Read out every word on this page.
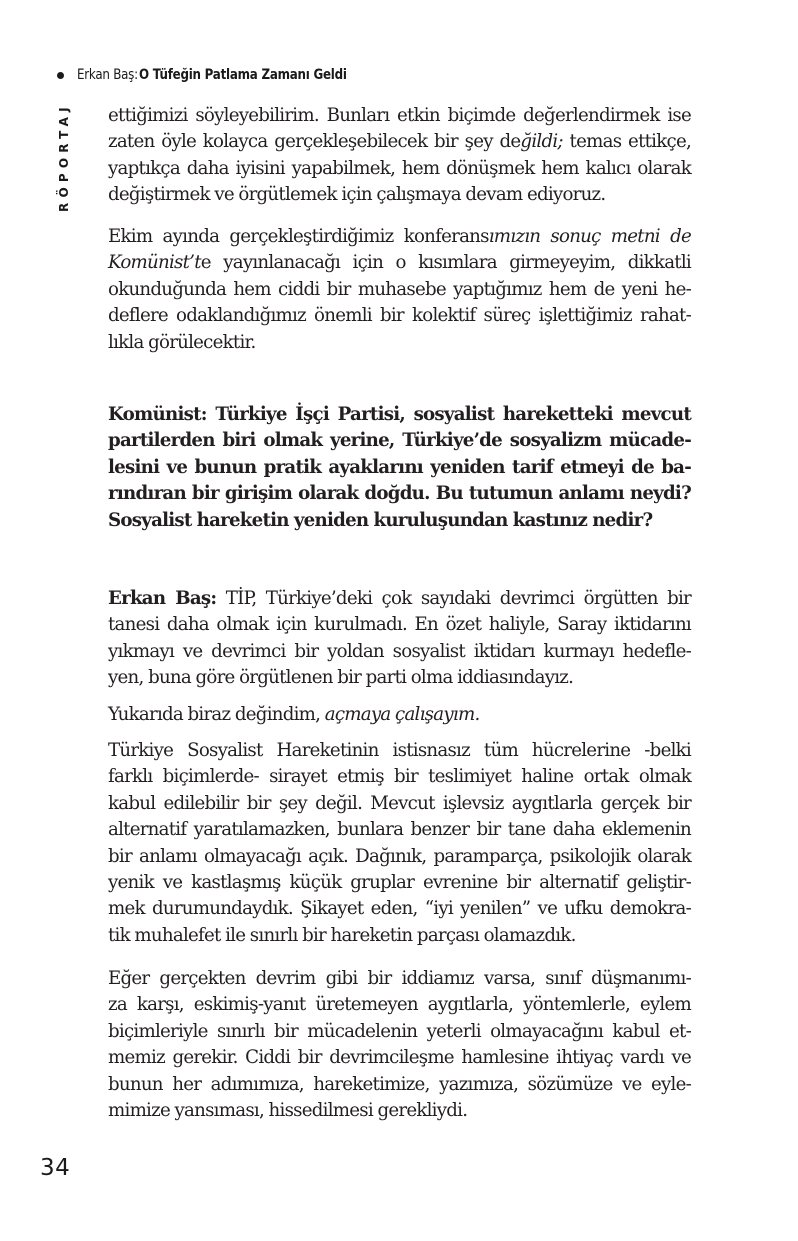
Erkan Baş: O Tüfeğin Patlama Zamanı Geldi
RÖPORTAJ ettiğimizi söyleyebilirim. Bunları etkin biçimde değerlendirmek ise
zaten öyle kolayca gerçekleşebilecek bir şey değildi; temas ettikçe,
yaptıkça daha iyisini yapabilmek, hem dönüşmek hem kalıcı olarak
değiştirmek ve örgütlemek için çalışmaya devam ediyoruz.

Ekim ayında gerçekleştirdiğimiz konferansımızın sonuç metni de
Komünist’te yayınlanacağı için o kısımlara girmeyeyim, dikkatli
okunduğunda hem ciddi bir muhasebe yaptığımız hem de yeni he-
deflere odaklandığımız önemli bir kolektif süreç işlettiğimiz rahat-
lıkla görülecektir.

Komünist: Türkiye İşçi Partisi, sosyalist hareketteki mevcut
partilerden biri olmak yerine, Türkiye’de sosyalizm mücade-
lesini ve bunun pratik ayaklarını yeniden tarif etmeyi de ba-
rındıran bir girişim olarak doğdu. Bu tutumun anlamı neydi?
Sosyalist hareketin yeniden kuruluşundan kastınız nedir?

Erkan Baş: TİP, Türkiye’deki çok sayıdaki devrimci örgütten bir
tanesi daha olmak için kurulmadı. En özet haliyle, Saray iktidarını
yıkmayı ve devrimci bir yoldan sosyalist iktidarı kurmayı hedefle-
yen, buna göre örgütlenen bir parti olma iddiasındayız.

Yukarıda biraz değindim, açmaya çalışayım.

Türkiye Sosyalist Hareketinin istisnasız tüm hücrelerine -belki
farklı biçimlerde- sirayet etmiş bir teslimiyet haline ortak olmak
kabul edilebilir bir şey değil. Mevcut işlevsiz aygıtlarla gerçek bir
alternatif yaratılamazken, bunlara benzer bir tane daha eklemenin
bir anlamı olmayacağı açık. Dağınık, paramparça, psikolojik olarak
yenik ve kastlaşmış küçük gruplar evrenine bir alternatif geliştir-
mek durumundaydık. Şikayet eden, “iyi yenilen” ve ufku demokra-
tik muhalefet ile sınırlı bir hareketin parçası olamazdık.

Eğer gerçekten devrim gibi bir iddiamız varsa, sınıf düşmanımı-
za karşı, eskimiş-yanıt üretemeyen aygıtlarla, yöntemlerle, eylem
biçimleriyle sınırlı bir mücadelenin yeterli olmayacağını kabul et-
memiz gerekir. Ciddi bir devrimcileşme hamlesine ihtiyaç vardı ve
bunun her adımımıza, hareketimize, yazımıza, sözümüze ve eyle-
mimize yansıması, hissedilmesi gerekliydi.

34
